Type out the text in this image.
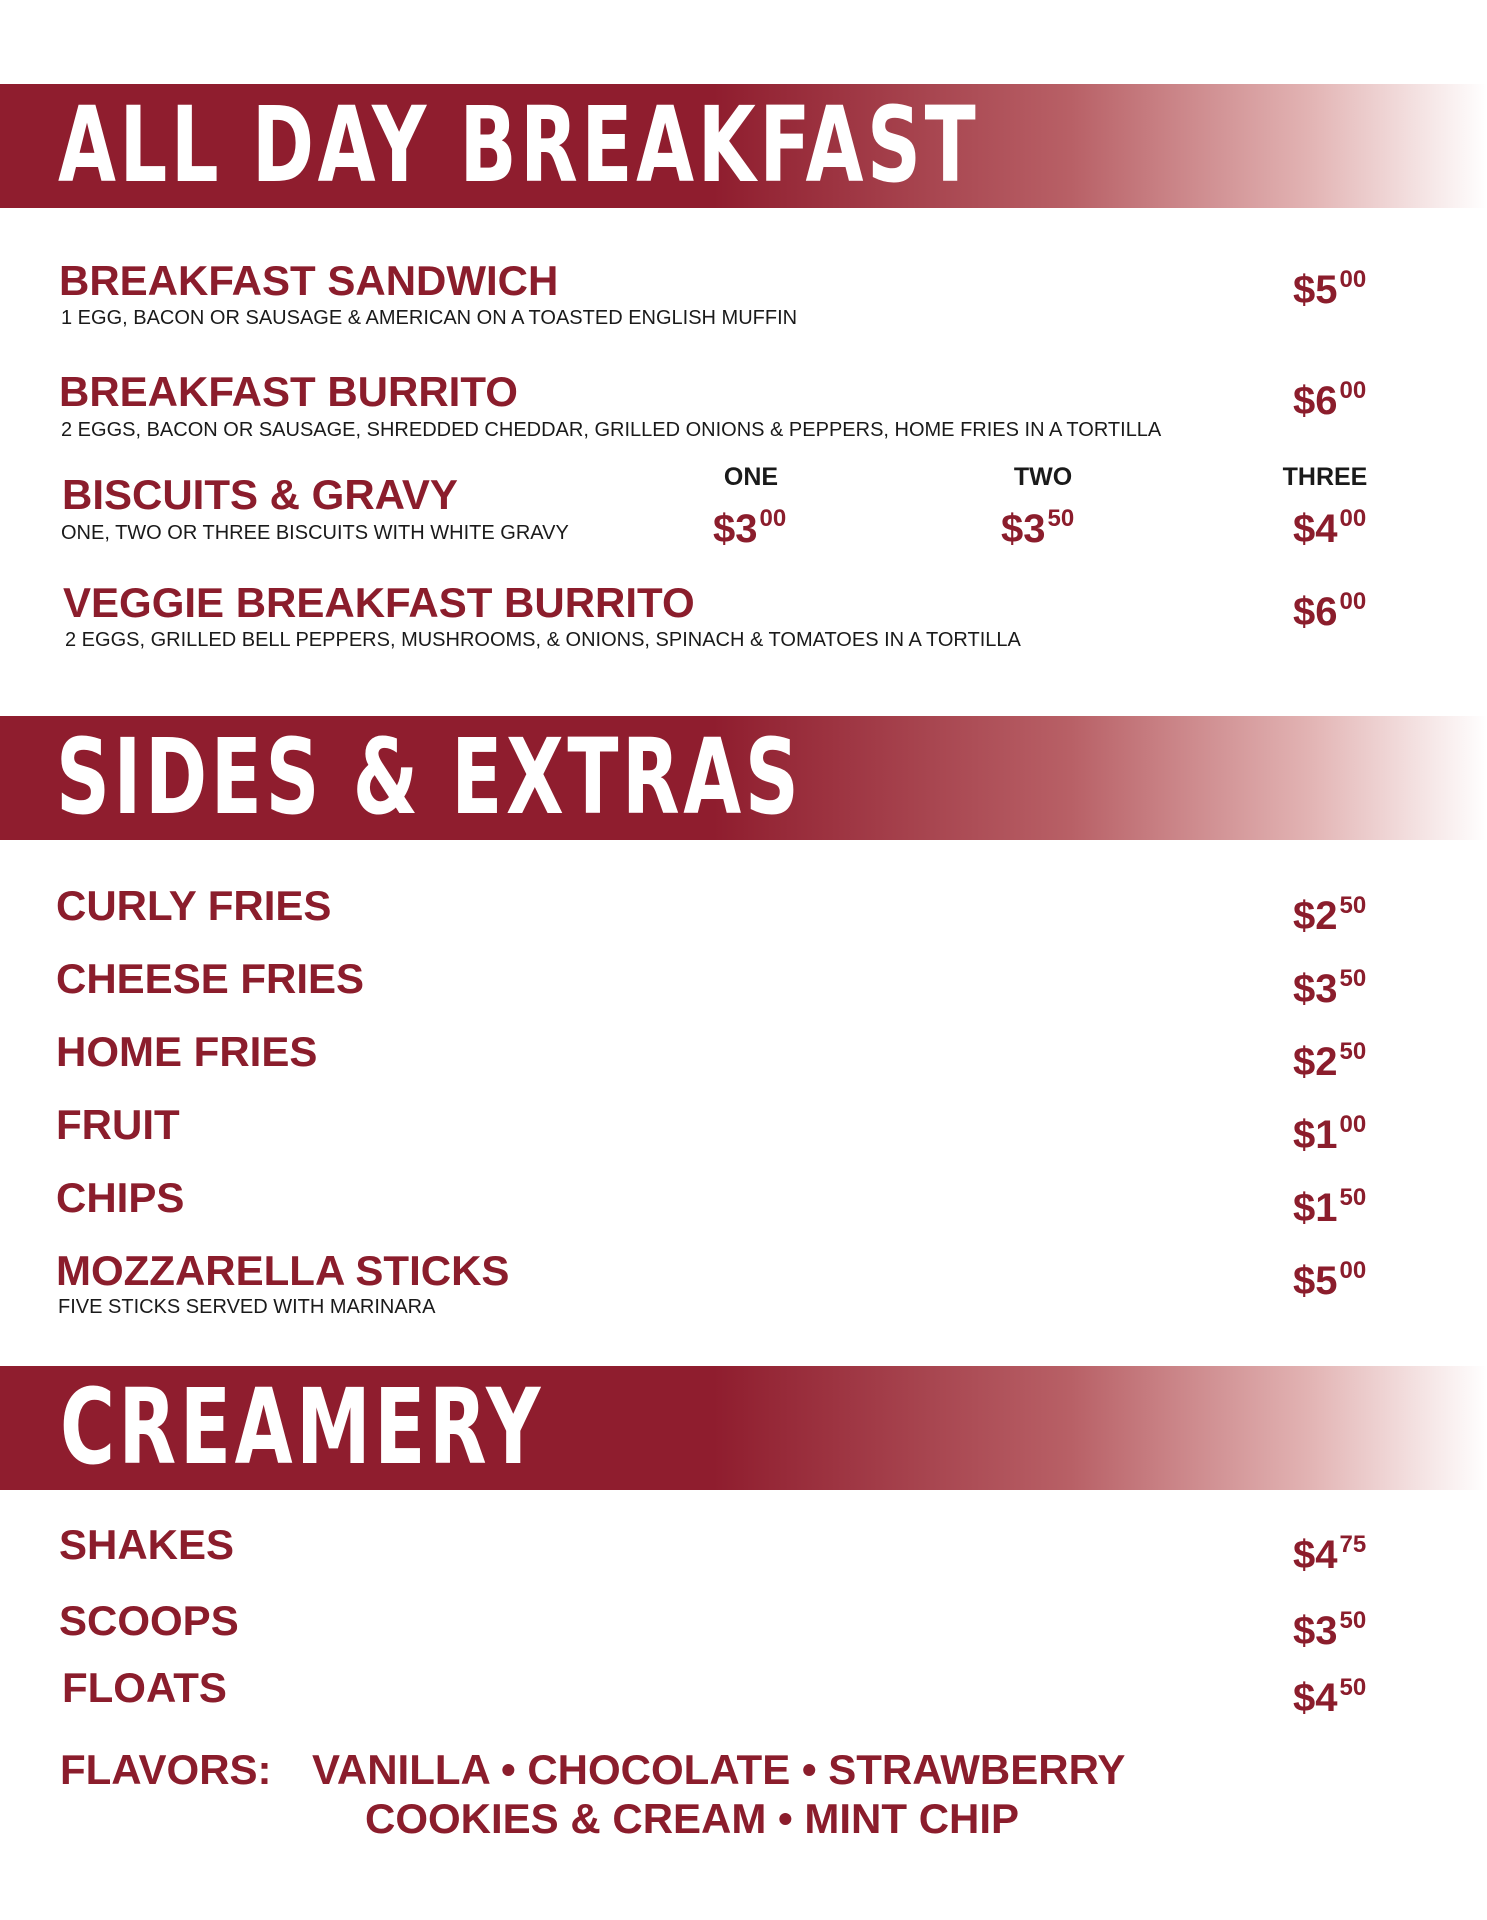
ALL DAY BREAKFAST
BREAKFAST SANDWICH
1 EGG, BACON OR SAUSAGE & AMERICAN ON A TOASTED ENGLISH MUFFIN
$\$5^{00}$
BREAKFAST BURRITO
2 EGGS, BACON OR SAUSAGE, SHREDDED CHEDDAR, GRILLED ONIONS & PEPPERS, HOME FRIES IN A TORTILLA
$\$6^{00}$
BISCUITS & GRAVY
ONE, TWO OR THREE BISCUITS WITH WHITE GRAVY
ONE
$\$3^{00}$
TWO
$\$3^{50}$
THREE
$\$4^{00}$
VEGGIE BREAKFAST BURRITO
2 EGGS, GRILLED BELL PEPPERS, MUSHROOMS, & ONIONS, SPINACH & TOMATOES IN A TORTILLA
$\$6^{00}$
SIDES & EXTRAS
CURLY FRIES	$\$2^{50}$
CHEESE FRIES	$\$3^{50}$
HOME FRIES	$\$2^{50}$
FRUIT	$\$1^{00}$
CHIPS	$\$1^{50}$
MOZZARELLA STICKS
FIVE STICKS SERVED WITH MARINARA
$\$5^{00}$
CREAMERY
SHAKES	$\$4^{75}$
SCOOPS	$\$3^{50}$
FLOATS	$\$4^{50}$
FLAVORS: VANILLA • CHOCOLATE • STRAWBERRY
COOKIES & CREAM • MINT CHIP
